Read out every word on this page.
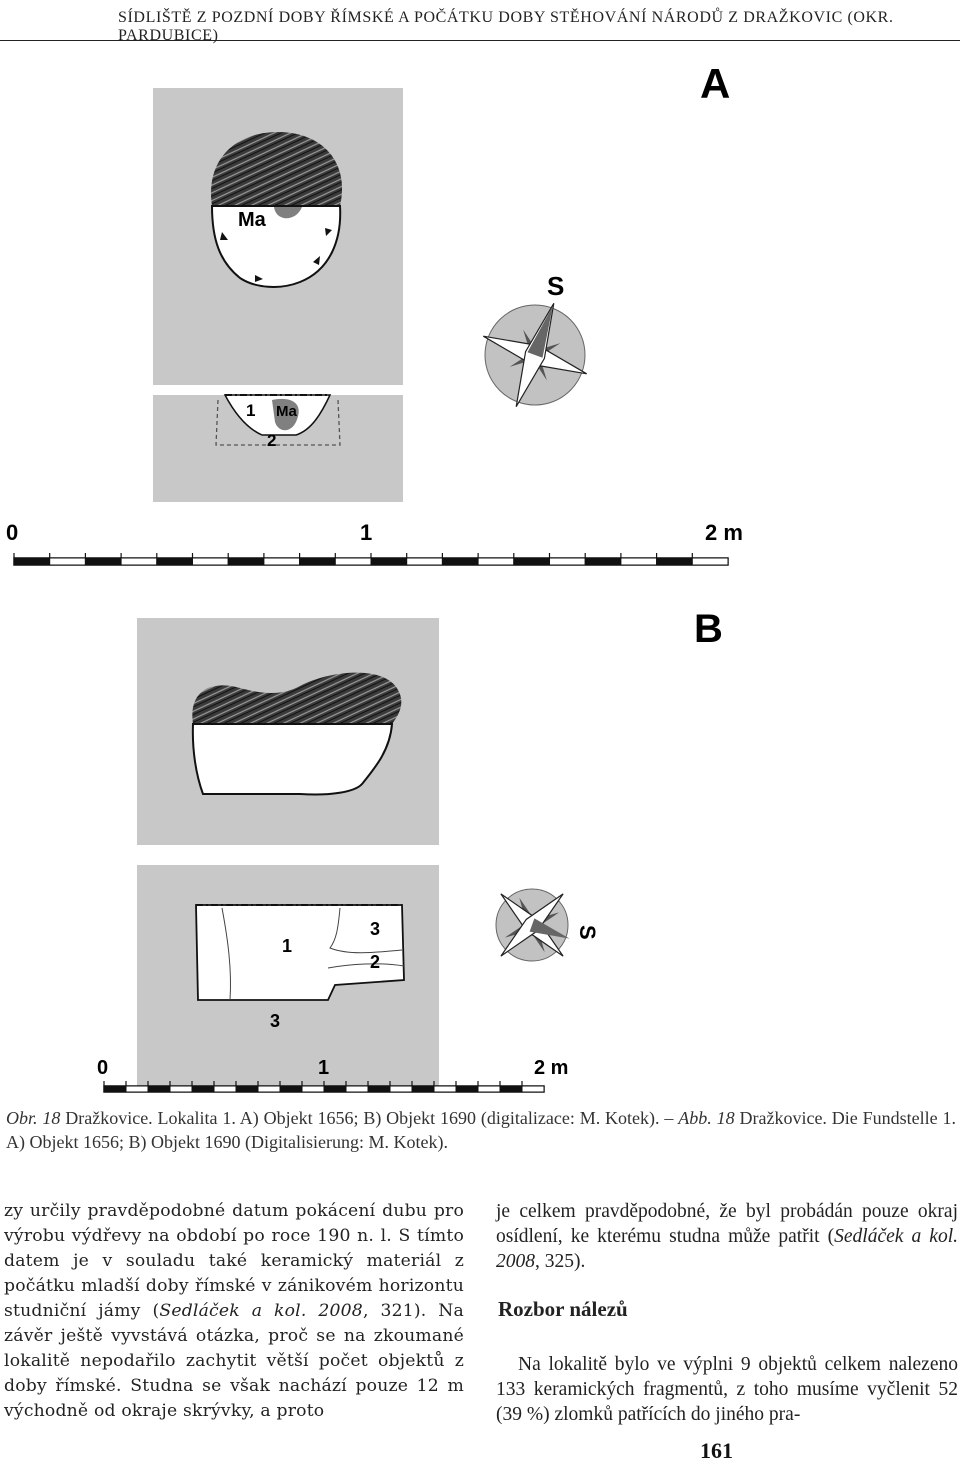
SÍDLIŠTĚ Z POZDNÍ DOBY ŘÍMSKÉ A POČÁTKU DOBY STĚHOVÁNÍ NÁRODŮ Z DRAŽKOVIC (OKR. PARDUBICE)
A
Ma
1 Ma
2
S
0	1	2 m
B
1
3
2
3
S
0	1	2 m
Obr. 18 Dražkovice. Lokalita 1. A) Objekt 1656; B) Objekt 1690 (digitalizace: M. Kotek). – Abb. 18 Dražkovice. Die Fundstelle 1. A) Objekt 1656; B) Objekt 1690 (Digitalisierung: M. Kotek).

zy určily pravděpodobné datum pokácení dubu pro výrobu výdřevy na období po roce 190 n. l. S tímto datem je v souladu také keramický materiál z počátku mladší doby římské v zánikovém horizontu studniční jámy (Sedláček a kol. 2008, 321). Na závěr ještě vyvstává otázka, proč se na zkoumané lokalitě nepodařilo zachytit větší počet objektů z doby římské. Studna se však nachází pouze 12 m východně od okraje skrývky, a proto

je celkem pravděpodobné, že byl probádán pouze okraj osídlení, ke kterému studna může patřit (Sedláček a kol. 2008, 325).

Rozbor nálezů

Na lokalitě bylo ve výplni 9 objektů celkem nalezeno 133 keramických fragmentů, z toho musíme vyčlenit 52 (39 %) zlomků patřících do jiného pra-

161
